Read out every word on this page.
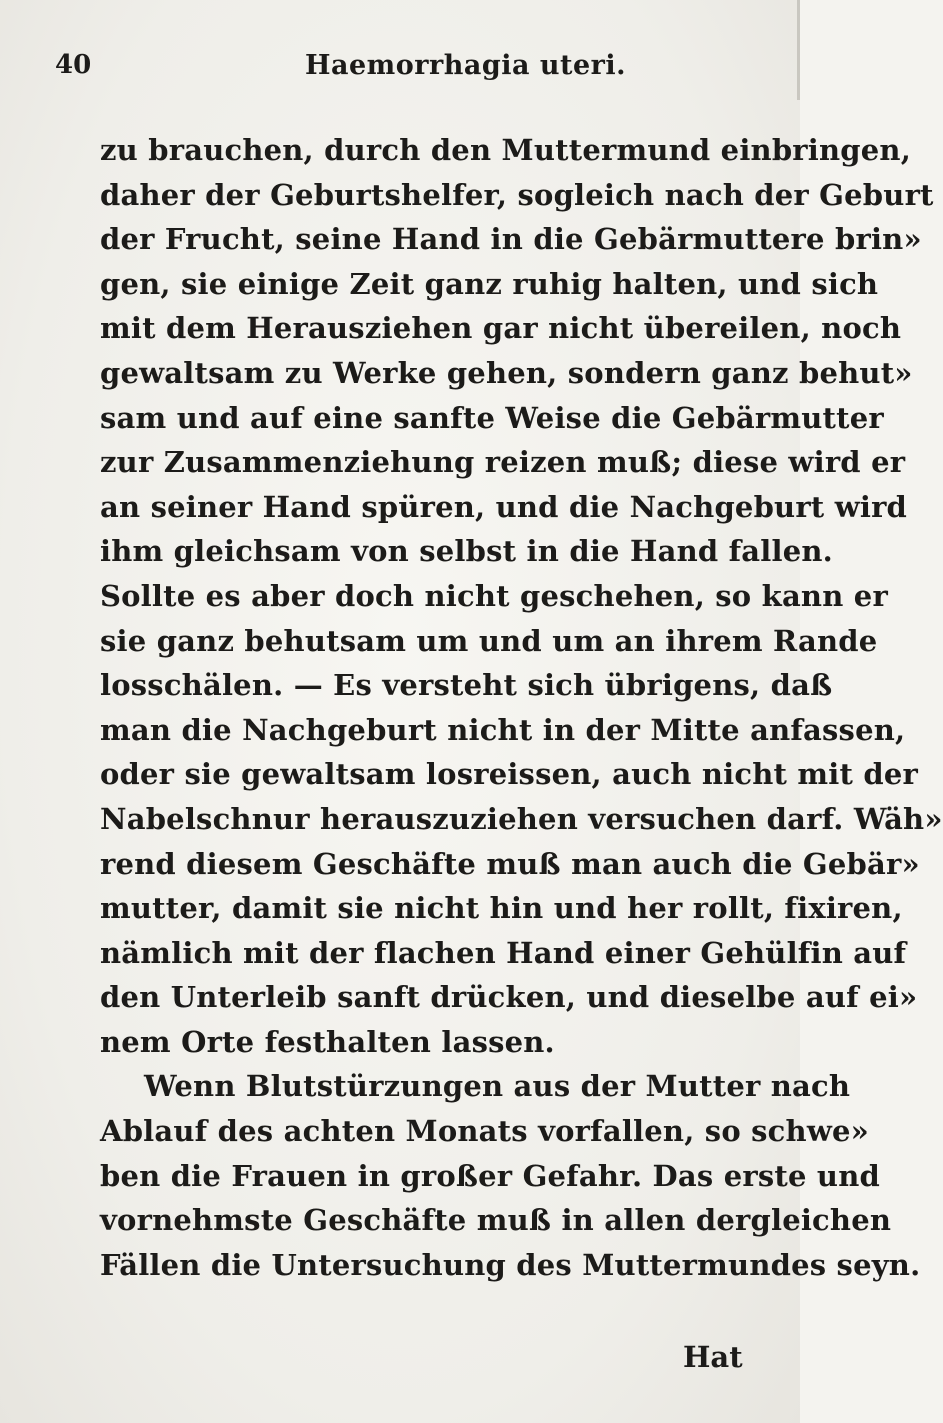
40	Haemorrhagia uteri.
zu brauchen, durch den Muttermund einbringen,
daher der Geburtshelfer, sogleich nach der Geburt
der Frucht, seine Hand in die Gebärmuttere brin»
gen, sie einige Zeit ganz ruhig halten, und sich
mit dem Herausziehen gar nicht übereilen, noch
gewaltsam zu Werke gehen, sondern ganz behut»
sam und auf eine sanfte Weise die Gebärmutter
zur Zusammenziehung reizen muß; diese wird er
an seiner Hand spüren, und die Nachgeburt wird
ihm gleichsam von selbst in die Hand fallen.
Sollte es aber doch nicht geschehen, so kann er
sie ganz behutsam um und um an ihrem Rande
losschälen. — Es versteht sich übrigens, daß
man die Nachgeburt nicht in der Mitte anfassen,
oder sie gewaltsam losreissen, auch nicht mit der
Nabelschnur herauszuziehen versuchen darf. Wäh»
rend diesem Geschäfte muß man auch die Gebär»
mutter, damit sie nicht hin und her rollt, fixiren,
nämlich mit der flachen Hand einer Gehülfin auf
den Unterleib sanft drücken, und dieselbe auf ei»
nem Orte festhalten lassen.
Wenn Blutstürzungen aus der Mutter nach
Ablauf des achten Monats vorfallen, so schwe»
ben die Frauen in großer Gefahr. Das erste und
vornehmste Geschäfte muß in allen dergleichen
Fällen die Untersuchung des Muttermundes seyn.
Hat
